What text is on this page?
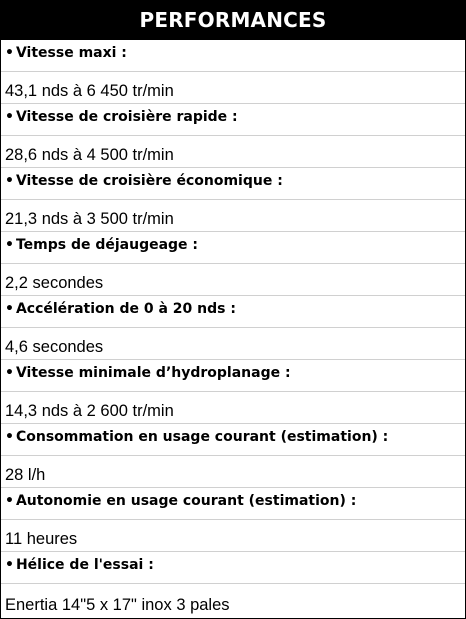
PERFORMANCES
• Vitesse maxi :
43,1 nds à 6 450 tr/min
• Vitesse de croisière rapide :
28,6 nds à 4 500 tr/min
• Vitesse de croisière économique :
21,3 nds à 3 500 tr/min
• Temps de déjaugeage :
2,2 secondes
• Accélération de 0 à 20 nds :
4,6 secondes
• Vitesse minimale d’hydroplanage :
14,3 nds à 2 600 tr/min
• Consommation en usage courant (estimation) :
28 l/h
• Autonomie en usage courant (estimation) :
11 heures
• Hélice de l'essai :
Enertia 14"5 x 17" inox 3 pales
